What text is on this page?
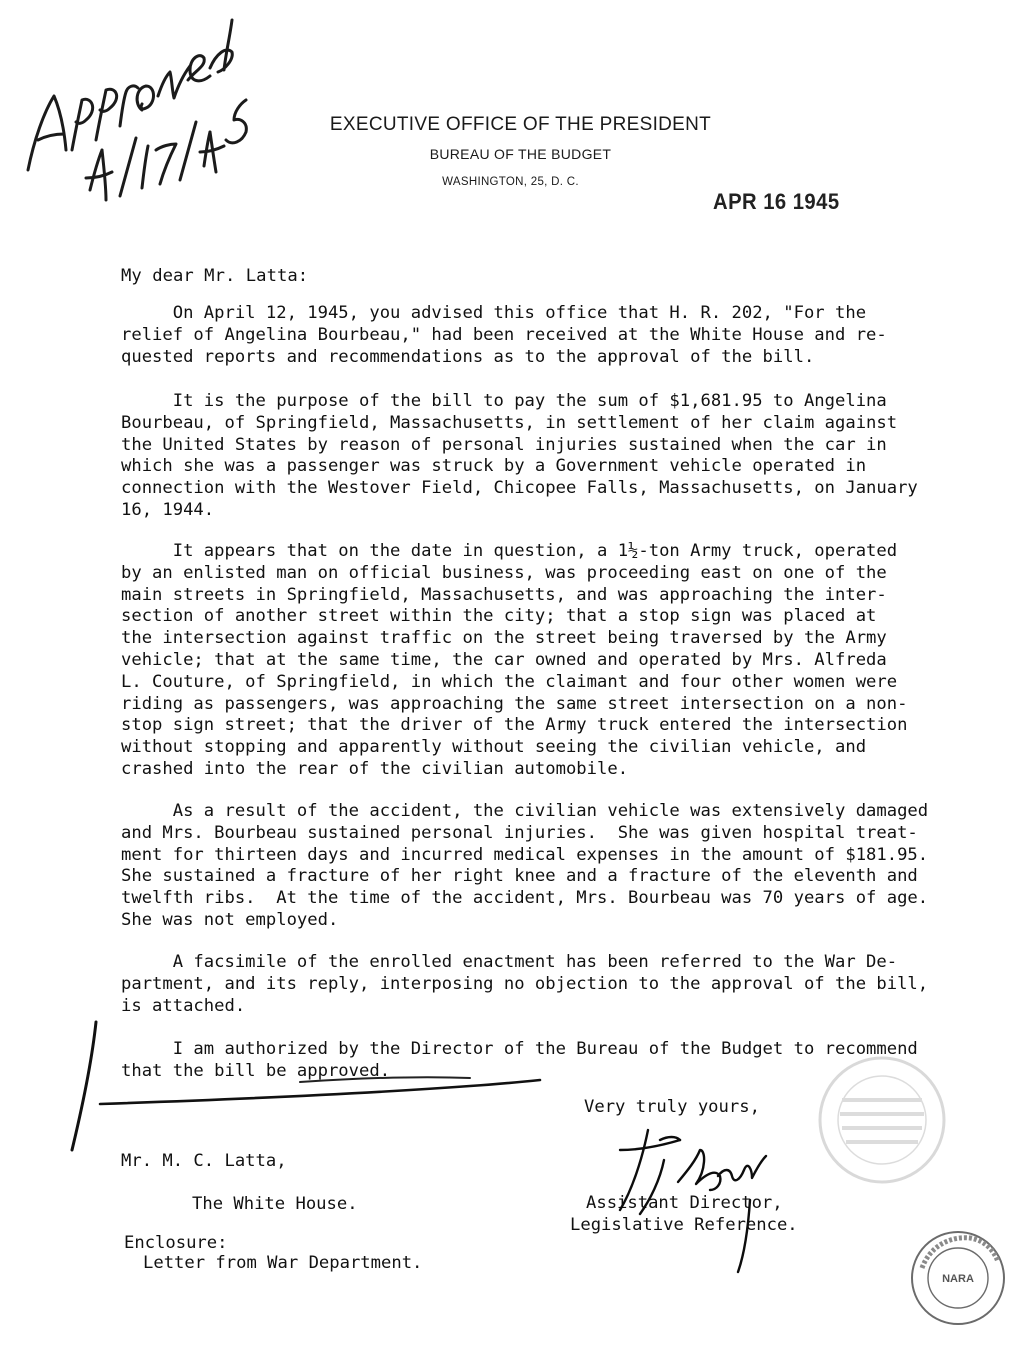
EXECUTIVE OFFICE OF THE PRESIDENT
BUREAU OF THE BUDGET
WASHINGTON, 25, D. C.
APR 16 1945
My dear Mr. Latta:
On April 12, 1945, you advised this office that H. R. 202, "For the
relief of Angelina Bourbeau," had been received at the White House and re-
quested reports and recommendations as to the approval of the bill.
It is the purpose of the bill to pay the sum of $1,681.95 to Angelina
Bourbeau, of Springfield, Massachusetts, in settlement of her claim against
the United States by reason of personal injuries sustained when the car in
which she was a passenger was struck by a Government vehicle operated in
connection with the Westover Field, Chicopee Falls, Massachusetts, on January
16, 1944.
It appears that on the date in question, a 1½-ton Army truck, operated
by an enlisted man on official business, was proceeding east on one of the
main streets in Springfield, Massachusetts, and was approaching the inter-
section of another street within the city; that a stop sign was placed at
the intersection against traffic on the street being traversed by the Army
vehicle; that at the same time, the car owned and operated by Mrs. Alfreda
L. Couture, of Springfield, in which the claimant and four other women were
riding as passengers, was approaching the same street intersection on a non-
stop sign street; that the driver of the Army truck entered the intersection
without stopping and apparently without seeing the civilian vehicle, and
crashed into the rear of the civilian automobile.
As a result of the accident, the civilian vehicle was extensively damaged
and Mrs. Bourbeau sustained personal injuries.  She was given hospital treat-
ment for thirteen days and incurred medical expenses in the amount of $181.95.
She sustained a fracture of her right knee and a fracture of the eleventh and
twelfth ribs.  At the time of the accident, Mrs. Bourbeau was 70 years of age.
She was not employed.
A facsimile of the enrolled enactment has been referred to the War De-
partment, and its reply, interposing no objection to the approval of the bill,
is attached.
I am authorized by the Director of the Bureau of the Budget to recommend
that the bill be approved.
Very truly yours,
Mr. M. C. Latta,
The White House.	Assistant Director,
Legislative Reference.
Enclosure:
Letter from War Department.
NARA
